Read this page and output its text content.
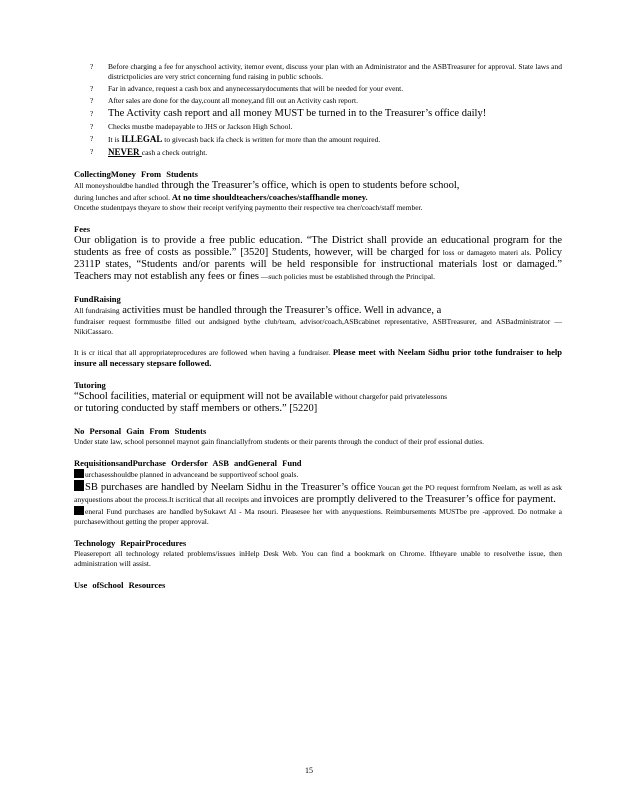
? Before charging a fee for anyschool activity, itemor event, discuss your plan with an Administrator and the ASBTreasurer for approval. State laws and districtpolicies are very strict concerning fund raising in public schools.
? Far in advance, request a cash box and anynecessarydocuments that will be needed for your event.
? After sales are done for the day,count all money,and fill out an Activity cash report.
? The Activity cash report and all money MUST be turned in to the Treasurer’s office daily!
? Checks mustbe madepayable to JHS or Jackson High School.
? It is ILLEGAL to givecash back ifa check is written for more than the amount required.
? NEVER cash a check outright.

CollectingMoney From Students

All moneyshouldbe handled through the Treasurer’s office, which is open to students before school,

during lunches and after school. At no time shouldteachers/coaches/staffhandle money.

Oncethe studentpays theyare to show their receipt verifying paymentto their respective tea cher/coach/staff member.

Fees

Our obligation is to provide a free public education. “The District shall provide an educational program for the students as free of costs as possible.” [3520] Students, however, will be charged for loss or damageto materi als. Policy 2311P states, “Students and/or parents will be held responsible for instructional materials lost or damaged.” Teachers may not establish any fees or fines —such policies must be established through the Principal.

FundRaising

All fundraising activities must be handled through the Treasurer’s office. Well in advance, a

fundraiser request formmustbe filled out andsigned bythe club/team, advisor/coach,ASBcabinet representative, ASBTreasurer, and ASBadministrator — NikiCassaro.

It is cr itical that all appropriateprocedures are followed when having a fundraiser. Please meet with Neelam Sidhu prior tothe fundraiser to help insure all necessary stepsare followed.

Tutoring

“School facilities, material or equipment will not be available without chargefor paid privatelessons
or tutoring conducted by staff members or others.” [5220]

No Personal Gain From Students

Under state law, school personnel maynot gain financiallyfrom students or their parents through the conduct of their prof essional duties.

RequisitionsandPurchase Ordersfor ASB andGeneral Fund

urchasesshouldbe planned in advanceand be supportiveof school goals.

SB purchases are handled by Neelam Sidhu in the Treasurer’s office Youcan get the PO request formfrom Neelam, as well as ask anyquestions about the process.It iscritical that all receipts and invoices are promptly delivered to the Treasurer’s office for payment.

eneral Fund purchases are handled bySukawt Al - Ma nsouri. Pleasesee her with anyquestions. Reimbursements MUSTbe pre -approved. Do notmake a purchasewithout getting the proper approval.

Technology RepairProcedures

Pleasereport all technology related problems/issues inHelp Desk Web. You can find a bookmark on Chrome. Iftheyare unable to resolvethe issue, then administration will assist.

Use ofSchool Resources

15
